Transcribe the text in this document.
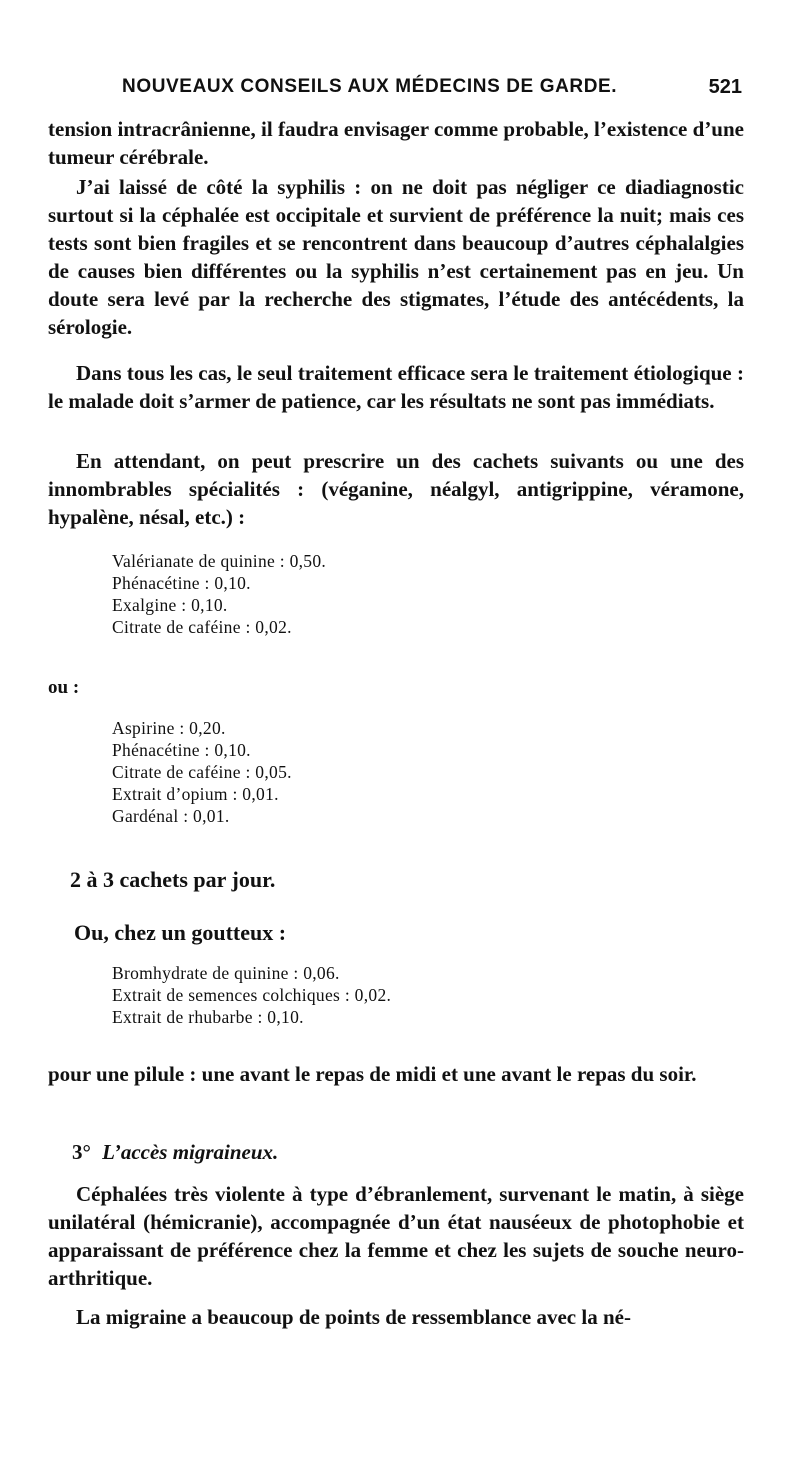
NOUVEAUX CONSEILS AUX MÉDECINS DE GARDE.	521

tension intracrânienne, il faudra envisager comme probable, l’existence d’une tumeur cérébrale.

J’ai laissé de côté la syphilis : on ne doit pas négliger ce diadiagnostic surtout si la céphalée est occipitale et survient de préférence la nuit; mais ces tests sont bien fragiles et se rencontrent dans beaucoup d’autres céphalalgies de causes bien différentes ou la syphilis n’est certainement pas en jeu. Un doute sera levé par la recherche des stigmates, l’étude des antécédents, la sérologie.

Dans tous les cas, le seul traitement efficace sera le traitement étiologique : le malade doit s’armer de patience, car les résultats ne sont pas immédiats.

En attendant, on peut prescrire un des cachets suivants ou une des innombrables spécialités : (véganine, néalgyl, antigrippine, véramone, hypalène, nésal, etc.) :

Valérianate de quinine : 0,50.
Phénacétine : 0,10.
Exalgine : 0,10.
Citrate de caféine : 0,02.
ou :
Aspirine : 0,20.
Phénacétine : 0,10.
Citrate de caféine : 0,05.
Extrait d’opium : 0,01.
Gardénal : 0,01.
2 à 3 cachets par jour.
Ou, chez un goutteux :
Bromhydrate de quinine : 0,06.
Extrait de semences colchiques : 0,02.
Extrait de rhubarbe : 0,10.

pour une pilule : une avant le repas de midi et une avant le repas du soir.

3° L’accès migraineux.

Céphalées très violente à type d’ébranlement, survenant le matin, à siège unilatéral (hémicranie), accompagnée d’un état nauséeux de photophobie et apparaissant de préférence chez la femme et chez les sujets de souche neuro-arthritique.

La migraine a beaucoup de points de ressemblance avec la né-
